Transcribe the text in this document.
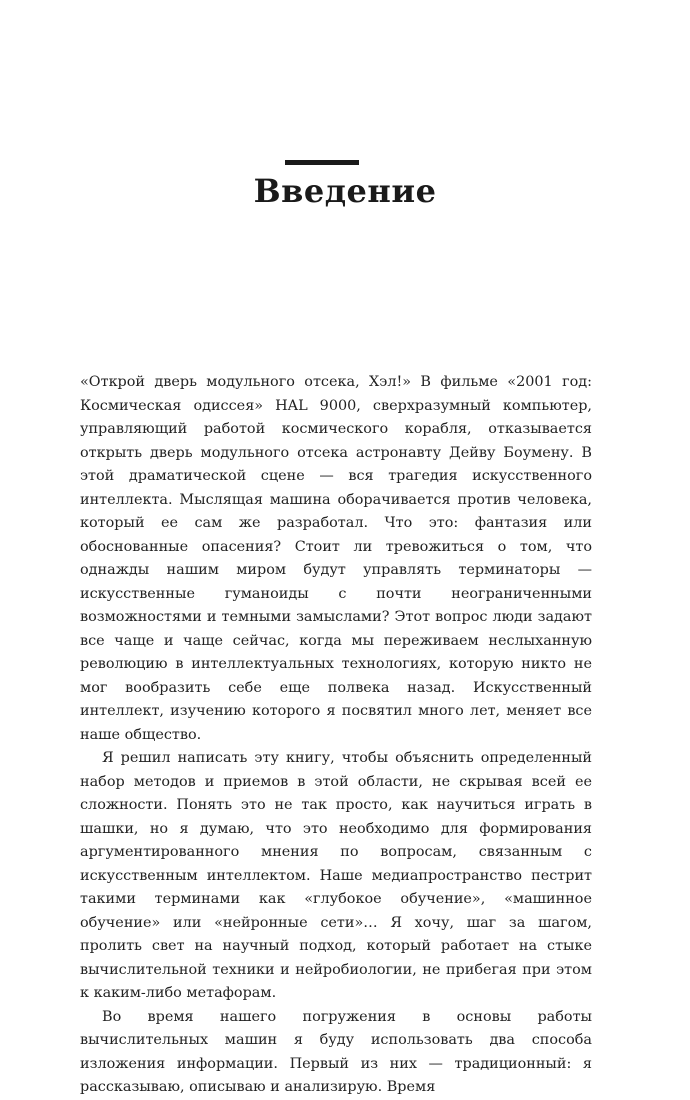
Введение

«Открой дверь модульного отсека, Хэл!» В фильме «2001 год: Космическая одиссея» HAL 9000, сверхразумный компьютер, управляющий работой космического корабля, отказывается открыть дверь модульного отсека астронавту Дейву Боумену. В этой драматической сцене — вся трагедия искусственного интеллекта. Мыслящая машина оборачивается против человека, который ее сам же разработал. Что это: фантазия или обоснованные опасения? Стоит ли тревожиться о том, что однажды нашим миром будут управлять терминаторы — искусственные гуманоиды с почти неограниченными возможностями и темными замыслами? Этот вопрос люди задают все чаще и чаще сейчас, когда мы переживаем неслыханную революцию в интеллектуальных технологиях, которую никто не мог вообразить себе еще полвека назад. Искусственный интеллект, изучению которого я посвятил много лет, меняет все наше общество.

Я решил написать эту книгу, чтобы объяснить определенный набор методов и приемов в этой области, не скрывая всей ее сложности. Понять это не так просто, как научиться играть в шашки, но я думаю, что это необходимо для формирования аргументированного мнения по вопросам, связанным с искусственным интеллектом. Наше медиапространство пестрит такими терминами как «глубокое обучение», «машинное обучение» или «нейронные сети»… Я хочу, шаг за шагом, пролить свет на научный подход, который работает на стыке вычислительной техники и нейробиологии, не прибегая при этом к каким-либо метафорам.

Во время нашего погружения в основы работы вычислительных машин я буду использовать два способа изложения информации. Первый из них — традиционный: я рассказываю, описываю и анализирую. Время
